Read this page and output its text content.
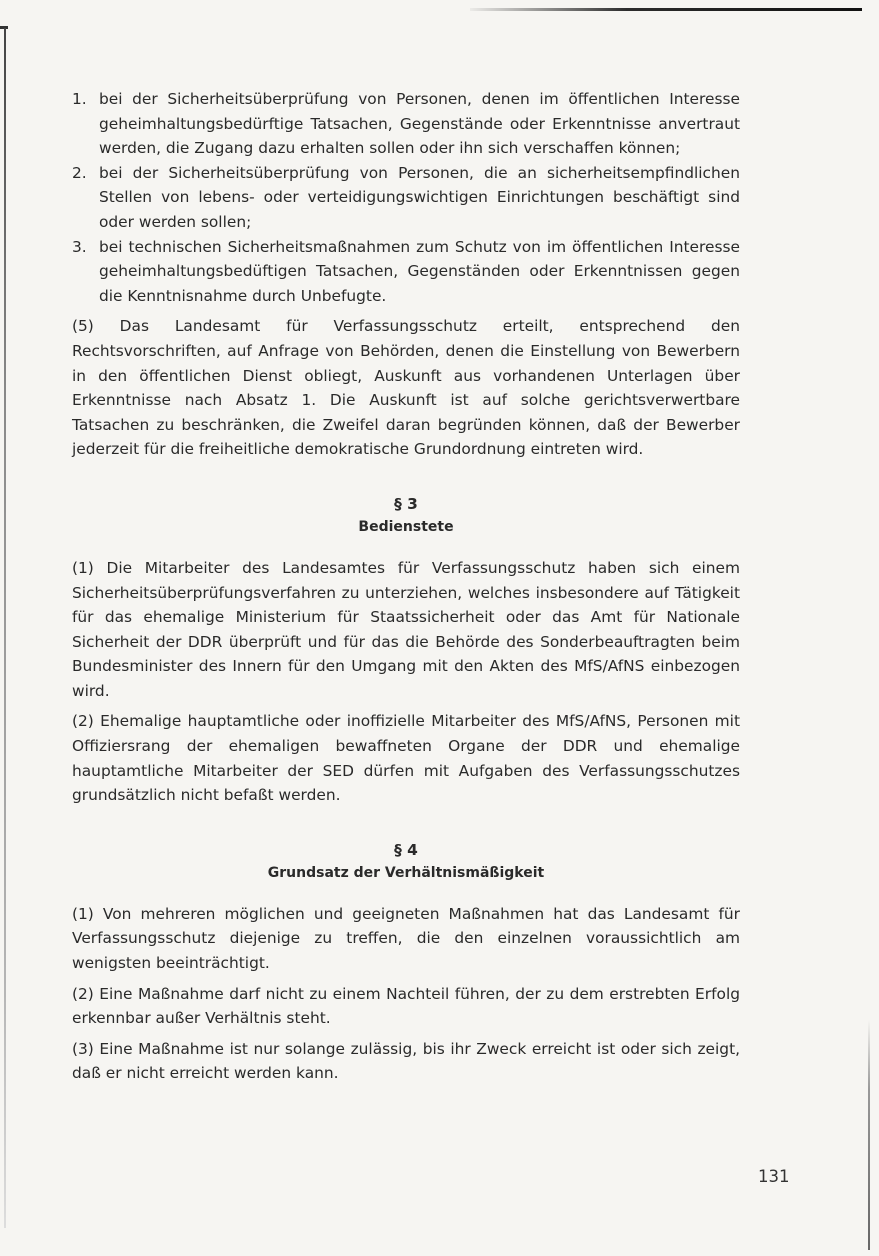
1. bei der Sicherheitsüberprüfung von Personen, denen im öffentlichen Interesse geheimhaltungsbedürftige Tatsachen, Gegenstände oder Erkenntnisse anvertraut werden, die Zugang dazu erhalten sollen oder ihn sich verschaffen können;
2. bei der Sicherheitsüberprüfung von Personen, die an sicherheitsempfindlichen Stellen von lebens- oder verteidigungswichtigen Einrichtungen beschäftigt sind oder werden sollen;
3. bei technischen Sicherheitsmaßnahmen zum Schutz von im öffentlichen Interesse geheimhaltungsbedüftigen Tatsachen, Gegenständen oder Erkenntnissen gegen die Kenntnisnahme durch Unbefugte.

(5) Das Landesamt für Verfassungsschutz erteilt, entsprechend den Rechtsvorschriften, auf Anfrage von Behörden, denen die Einstellung von Bewerbern in den öffentlichen Dienst obliegt, Auskunft aus vorhandenen Unterlagen über Erkenntnisse nach Absatz 1. Die Auskunft ist auf solche gerichtsverwertbare Tatsachen zu beschränken, die Zweifel daran begründen können, daß der Bewerber jederzeit für die freiheitliche demokratische Grundordnung eintreten wird.

§ 3
Bedienstete

(1) Die Mitarbeiter des Landesamtes für Verfassungsschutz haben sich einem Sicherheitsüberprüfungsverfahren zu unterziehen, welches insbesondere auf Tätigkeit für das ehemalige Ministerium für Staatssicherheit oder das Amt für Nationale Sicherheit der DDR überprüft und für das die Behörde des Sonderbeauftragten beim Bundesminister des Innern für den Umgang mit den Akten des MfS/AfNS einbezogen wird.

(2) Ehemalige hauptamtliche oder inoffizielle Mitarbeiter des MfS/AfNS, Personen mit Offiziersrang der ehemaligen bewaffneten Organe der DDR und ehemalige hauptamtliche Mitarbeiter der SED dürfen mit Aufgaben des Verfassungsschutzes grundsätzlich nicht befaßt werden.

§ 4
Grundsatz der Verhältnismäßigkeit

(1) Von mehreren möglichen und geeigneten Maßnahmen hat das Landesamt für Verfassungsschutz diejenige zu treffen, die den einzelnen voraussichtlich am wenigsten beeinträchtigt.

(2) Eine Maßnahme darf nicht zu einem Nachteil führen, der zu dem erstrebten Erfolg erkennbar außer Verhältnis steht.

(3) Eine Maßnahme ist nur solange zulässig, bis ihr Zweck erreicht ist oder sich zeigt, daß er nicht erreicht werden kann.

131
